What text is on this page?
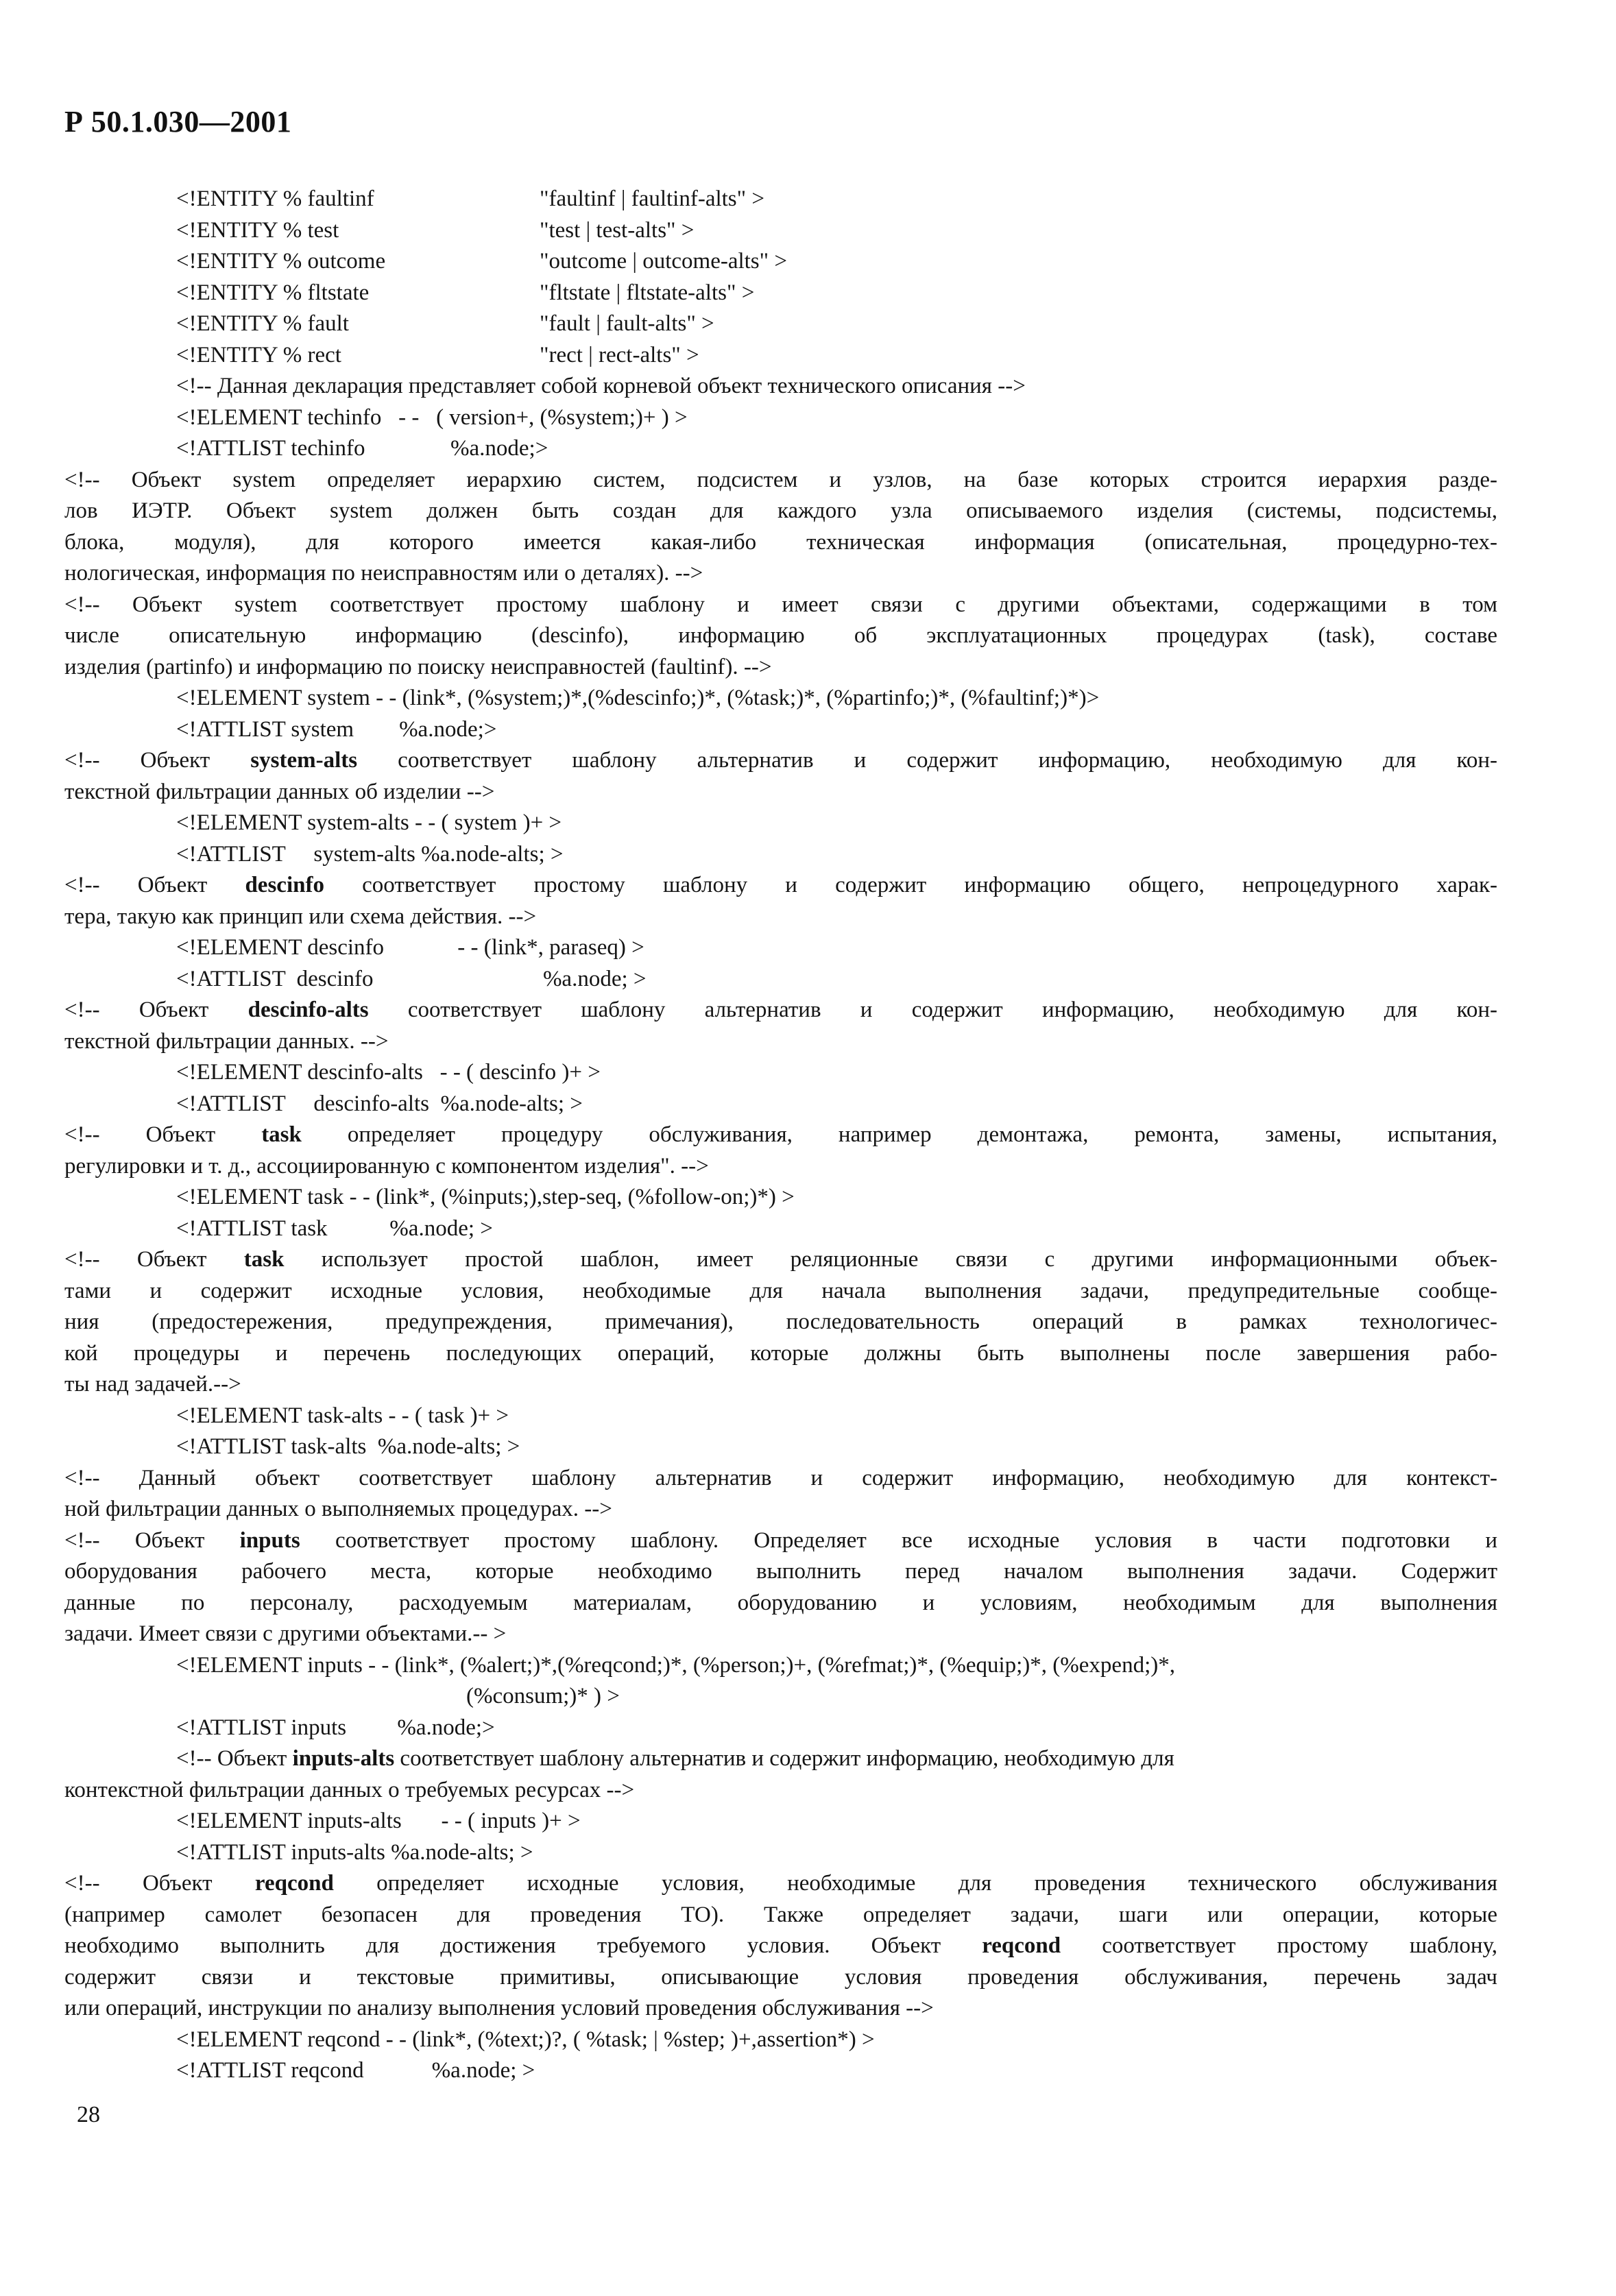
Р 50.1.030—2001
<!ENTITY % faultinf	"faultinf | faultinf-alts" >
<!ENTITY % test	"test | test-alts" >
<!ENTITY % outcome	"outcome | outcome-alts" >
<!ENTITY % fltstate	"fltstate | fltstate-alts" >
<!ENTITY % fault	"fault | fault-alts" >
<!ENTITY % rect	"rect | rect-alts" >
<!-- Данная декларация представляет собой корневой объект технического описания -->
<!ELEMENT techinfo   - -   ( version+, (%system;)+ ) >
<!ATTLIST techinfo	%a.node;>
<!-- Объект system определяет иерархию систем, подсистем и узлов, на базе которых строится иерархия разде-
лов ИЭТР. Объект system должен быть создан для каждого узла описываемого изделия (системы, подсистемы,
блока, модуля), для которого имеется какая-либо техническая информация (описательная, процедурно-тех-
нологическая, информация по неисправностям или о деталях). -->
<!-- Объект system соответствует простому шаблону и имеет связи с другими объектами, содержащими в том
числе описательную информацию (descinfo), информацию об эксплуатационных процедурах (task), составе
изделия (partinfo) и информацию по поиску неисправностей (faultinf). -->
<!ELEMENT system - - (link*, (%system;)*,(%descinfo;)*, (%task;)*, (%partinfo;)*, (%faultinf;)*)>
<!ATTLIST system        %a.node;>
<!-- Объект system-alts соответствует шаблону альтернатив и содержит информацию, необходимую для кон-
текстной фильтрации данных об изделии -->
<!ELEMENT system-alts - - ( system )+ >
<!ATTLIST     system-alts %a.node-alts; >
<!-- Объект descinfo соответствует простому шаблону и содержит информацию общего, непроцедурного харак-
тера, такую как принцип или схема действия. -->
<!ELEMENT descinfo             - - (link*, paraseq) >
<!ATTLIST  descinfo                              %a.node; >
<!-- Объект descinfo-alts соответствует шаблону альтернатив и содержит информацию, необходимую для кон-
текстной фильтрации данных. -->
<!ELEMENT descinfo-alts   - - ( descinfo )+ >
<!ATTLIST     descinfo-alts  %a.node-alts; >
<!-- Объект task определяет процедуру обслуживания, например демонтажа, ремонта, замены, испытания,
регулировки и т. д., ассоциированную с компонентом изделия". -->
<!ELEMENT task - - (link*, (%inputs;),step-seq, (%follow-on;)*) >
<!ATTLIST task           %a.node; >
<!-- Объект task использует простой шаблон, имеет реляционные связи с другими информационными объек-
тами и содержит исходные условия, необходимые для начала выполнения задачи, предупредительные сообще-
ния (предостережения, предупреждения, примечания), последовательность операций в рамках технологичес-
кой процедуры и перечень последующих операций, которые должны быть выполнены после завершения рабо-
ты над задачей.-->
<!ELEMENT task-alts - - ( task )+ >
<!ATTLIST task-alts  %a.node-alts; >
<!-- Данный объект соответствует шаблону альтернатив и содержит информацию, необходимую для контекст-
ной фильтрации данных о выполняемых процедурах. -->
<!-- Объект inputs соответствует простому шаблону. Определяет все исходные условия в части подготовки и
оборудования рабочего места, которые необходимо выполнить перед началом выполнения задачи. Содержит
данные по персоналу, расходуемым материалам, оборудованию и условиям, необходимым для выполнения
задачи. Имеет связи с другими объектами.-- >
<!ELEMENT inputs - - (link*, (%alert;)*,(%reqcond;)*, (%person;)+, (%refmat;)*, (%equip;)*, (%expend;)*,
(%consum;)* ) >
<!ATTLIST inputs         %a.node;>
<!-- Объект inputs-alts соответствует шаблону альтернатив и содержит информацию, необходимую для
контекстной фильтрации данных о требуемых ресурсах -->
<!ELEMENT inputs-alts       - - ( inputs )+ >
<!ATTLIST inputs-alts %a.node-alts; >
<!-- Объект reqcond определяет исходные условия, необходимые для проведения технического обслуживания
(например самолет безопасен для проведения ТО). Также определяет задачи, шаги или операции, которые
необходимо выполнить для достижения требуемого условия. Объект reqcond соответствует простому шаблону,
содержит связи и текстовые примитивы, описывающие условия проведения обслуживания, перечень задач
или операций, инструкции по анализу выполнения условий проведения обслуживания -->
<!ELEMENT reqcond - - (link*, (%text;)?, ( %task; | %step; )+,assertion*) >
<!ATTLIST reqcond            %a.node; >
28
